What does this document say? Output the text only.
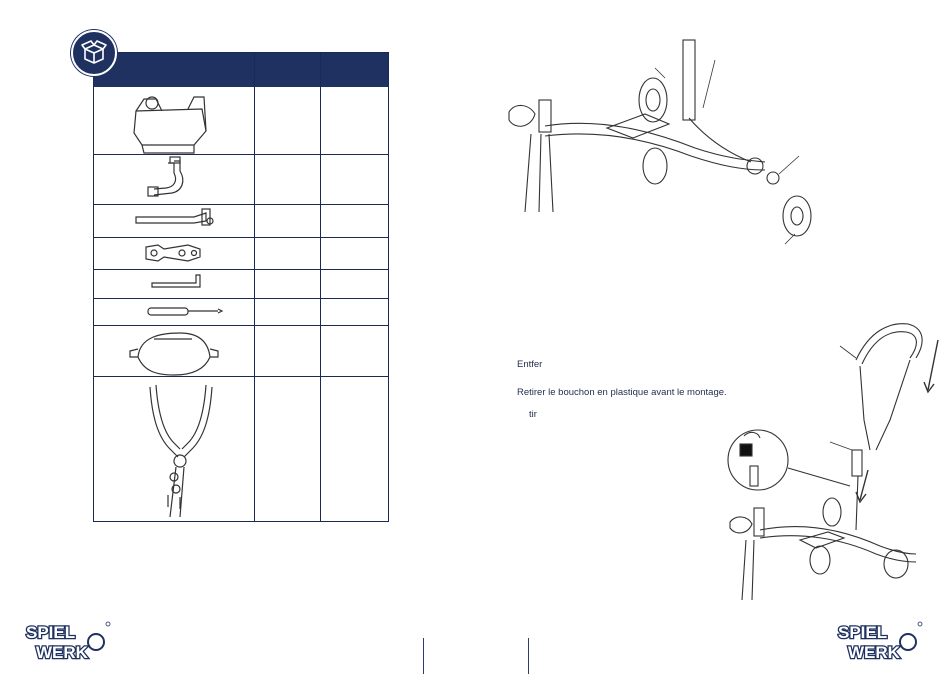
Entfer
Retirer le bouchon en plastique avant le montage.
tir
SPIEL
WERK
SPIEL
WERK
